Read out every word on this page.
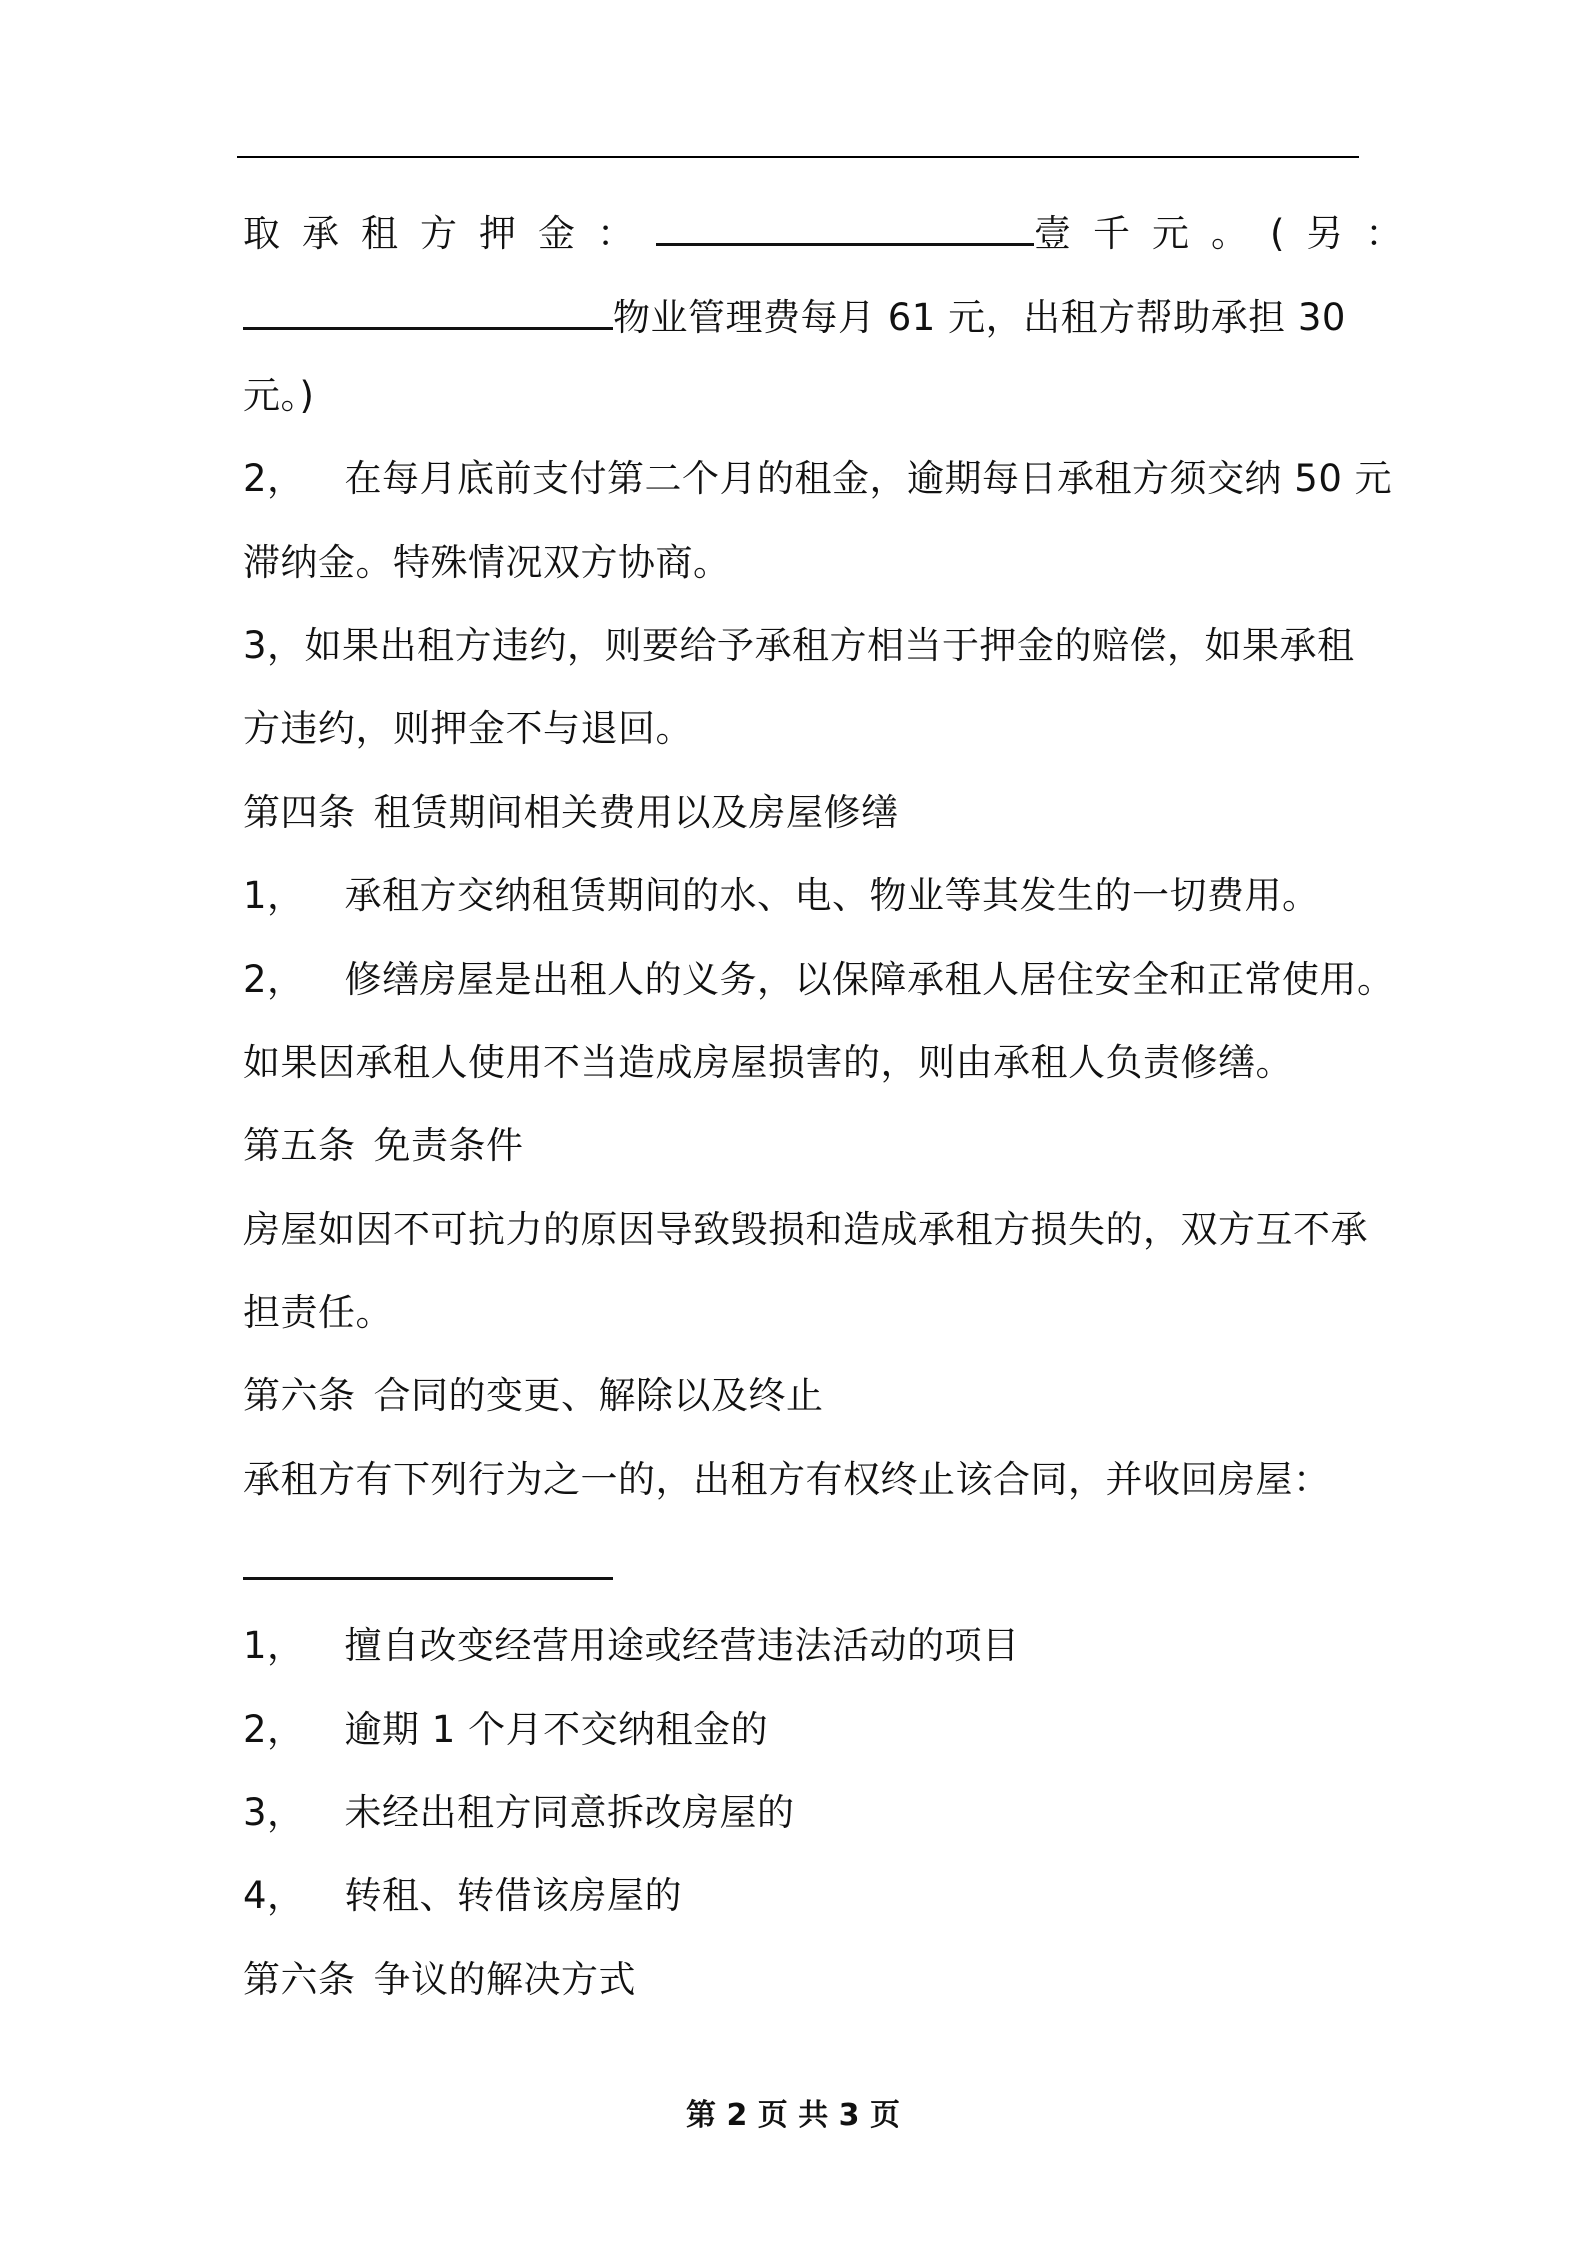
取承租方押金：	壹千元。(另：
物业管理费每月 61 元，出租方帮助承担 30
元。)
2， 在每月底前支付第二个月的租金，逾期每日承租方须交纳 50 元
滞纳金。特殊情况双方协商。
3，如果出租方违约，则要给予承租方相当于押金的赔偿，如果承租
方违约，则押金不与退回。
第四条 租赁期间相关费用以及房屋修缮
1， 承租方交纳租赁期间的水、电、物业等其发生的一切费用。
2， 修缮房屋是出租人的义务，以保障承租人居住安全和正常使用。
如果因承租人使用不当造成房屋损害的，则由承租人负责修缮。
第五条 免责条件
房屋如因不可抗力的原因导致毁损和造成承租方损失的，双方互不承
担责任。
第六条 合同的变更、解除以及终止
承租方有下列行为之一的，出租方有权终止该合同，并收回房屋：
1， 擅自改变经营用途或经营违法活动的项目
2， 逾期 1 个月不交纳租金的
3， 未经出租方同意拆改房屋的
4， 转租、转借该房屋的
第六条 争议的解决方式
第 2 页 共 3 页
